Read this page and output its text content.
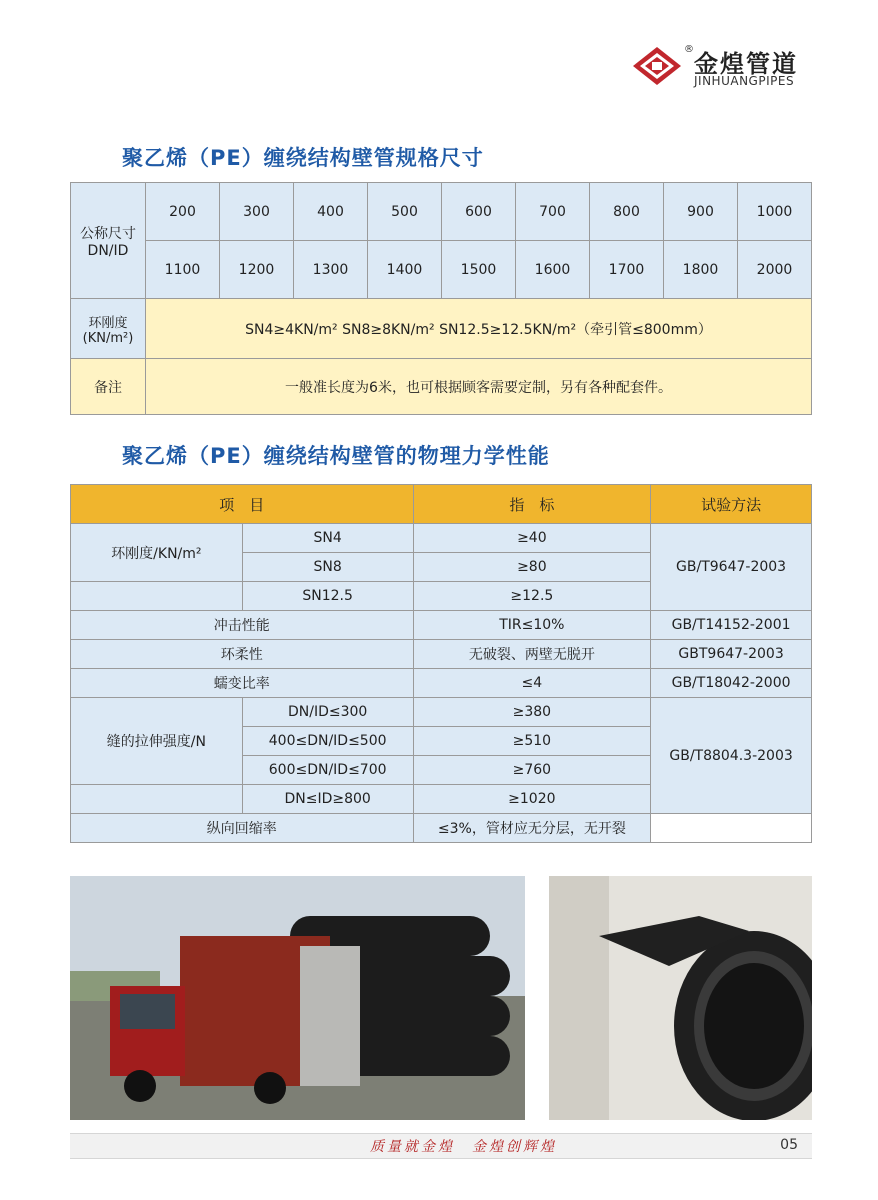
金煌管道
®
JINHUANGPIPES
聚乙烯（PE）缠绕结构壁管规格尺寸
公称尺寸
DN/ID	200	300	400	500	600	700	800	900	1000
	1100	1200	1300	1400	1500	1600	1700	1800	2000

环刚度
(KN/m²)	SN4≥4KN/m² SN8≥8KN/m² SN12.5≥12.5KN/m²（牵引管≤800mm）								
备注	一般准长度为6米，也可根据顾客需要定制，另有各种配套件。								
聚乙烯（PE）缠绕结构壁管的物理力学性能
项　目		指　标	试验方法
环刚度/KN/m²	SN4	≥40	GB/T9647-2003
	SN8	≥80	
	SN12.5	≥12.5	
冲击性能		TIR≤10%	GB/T14152-2001
环柔性		无破裂、两壁无脱开	GBT9647-2003
蠕变比率		≤4	GB/T18042-2000
缝的拉伸强度/N	DN/ID≤300	≥380	GB/T8804.3-2003
	400≤DN/ID≤500	≥510	
	600≤DN/ID≤700	≥760	
	DN≤ID≥800	≥1020	
纵向回缩率		≤3%，管材应无分层，无开裂	
质量就金煌　金煌创辉煌	05
